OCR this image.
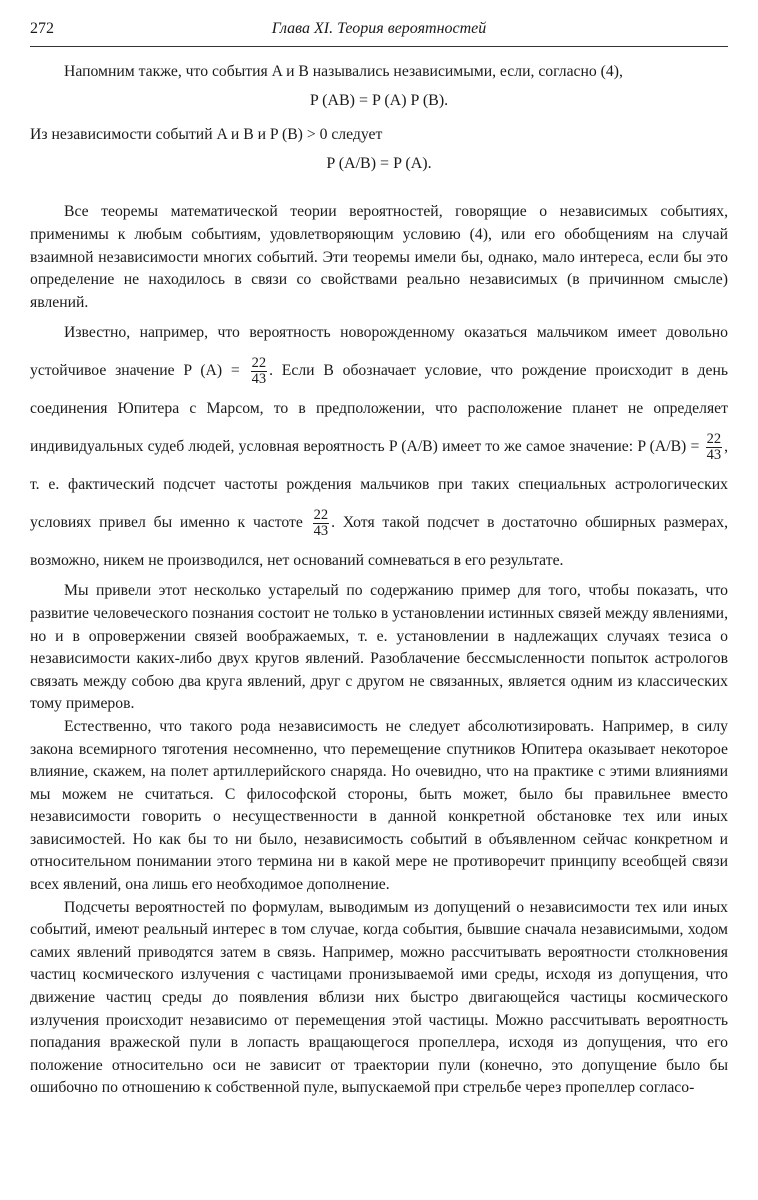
272	Глава XI. Теория вероятностей

Напомним также, что события A и B назывались независимыми, если, согласно (4),

P (AB) = P (A) P (B).

Из независимости событий A и B и P (B) > 0 следует

P (A/B) = P (A).

Все теоремы математической теории вероятностей, говорящие о независимых событиях, применимы к любым событиям, удовлетворяющим условию (4), или его обобщениям на случай взаимной независимости многих событий. Эти теоремы имели бы, однако, мало интереса, если бы это определение не находилось в связи со свойствами реально независимых (в причинном смысле) явлений.

Известно, например, что вероятность новорожденному оказаться мальчиком имеет довольно устойчивое значение P $(A) = \frac{22}{43}$ . Если B обозначает условие, что рождение происходит в день соединения Юпитера с Марсом, то в предположении, что расположение планет не определяет индивидуальных судеб людей, условная вероятность P (A/B) имеет то же самое значение: P $(A/B) = \frac{22}{43}$ , т. е. фактический подсчет частоты рождения мальчиков при таких специальных астрологических условиях привел бы именно к частоте $\frac{22}{43}$ . Хотя такой подсчет в достаточно обширных размерах, возможно, никем не производился, нет оснований сомневаться в его результате.

Мы привели этот несколько устарелый по содержанию пример для того, чтобы показать, что развитие человеческого познания состоит не только в установлении истинных связей между явлениями, но и в опровержении связей воображаемых, т. е. установлении в надлежащих случаях тезиса о независимости каких-либо двух кругов явлений. Разоблачение бессмысленности попыток астрологов связать между собою два круга явлений, друг с другом не связанных, является одним из классических тому примеров.

Естественно, что такого рода независимость не следует абсолютизировать. Например, в силу закона всемирного тяготения несомненно, что перемещение спутников Юпитера оказывает некоторое влияние, скажем, на полет артиллерийского снаряда. Но очевидно, что на практике с этими влияниями мы можем не считаться. С философской стороны, быть может, было бы правильнее вместо независимости говорить о несущественности в данной конкретной обстановке тех или иных зависимостей. Но как бы то ни было, независимость событий в объявленном сейчас конкретном и относительном понимании этого термина ни в какой мере не противоречит принципу всеобщей связи всех явлений, она лишь его необходимое дополнение.

Подсчеты вероятностей по формулам, выводимым из допущений о независимости тех или иных событий, имеют реальный интерес в том случае, когда события, бывшие сначала независимыми, ходом самих явлений приводятся затем в связь. Например, можно рассчитывать вероятности столкновения частиц космического излучения с частицами пронизываемой ими среды, исходя из допущения, что движение частиц среды до появления вблизи них быстро двигающейся частицы космического излучения происходит независимо от перемещения этой частицы. Можно рассчитывать вероятность попадания вражеской пули в лопасть вращающегося пропеллера, исходя из допущения, что его положение относительно оси не зависит от траектории пули (конечно, это допущение было бы ошибочно по отношению к собственной пуле, выпускаемой при стрельбе через пропеллер согласо-
